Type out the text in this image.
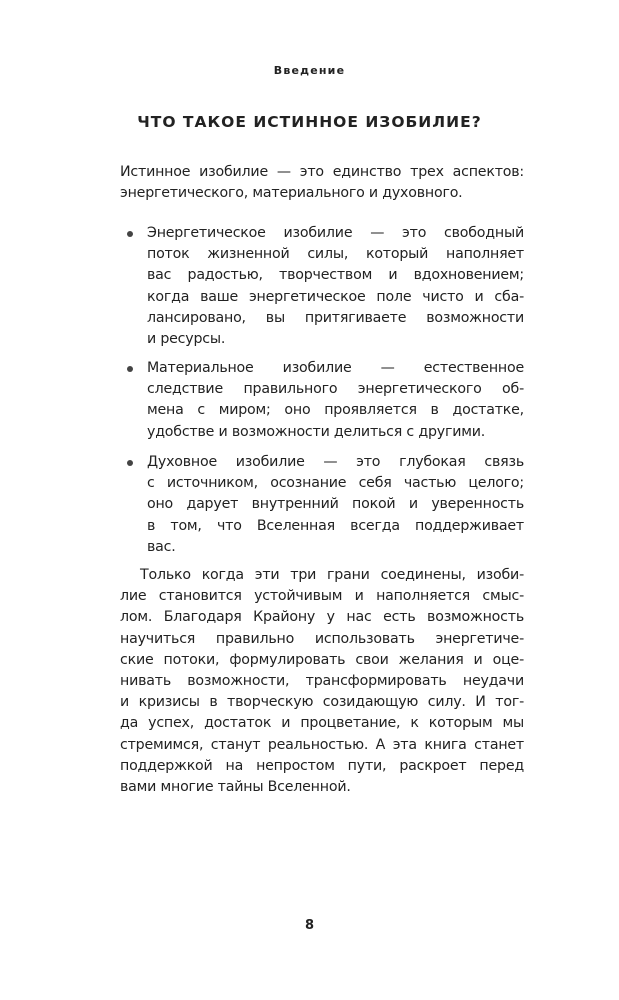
Введение
ЧТО ТАКОЕ ИСТИННОЕ ИЗОБИЛИЕ?
Истинное изобилие — это единство трех аспектов:
энергетического, материального и духовного.
Энергетическое изобилие — это свободный
поток жизненной силы, который наполняет
вас радостью, творчеством и вдохновением;
когда ваше энергетическое поле чисто и сба-
лансировано, вы притягиваете возможности
и ресурсы.
Материальное изобилие — естественное
следствие правильного энергетического об-
мена с миром; оно проявляется в достатке,
удобстве и возможности делиться с другими.
Духовное изобилие — это глубокая связь
с источником, осознание себя частью целого;
оно дарует внутренний покой и уверенность
в том, что Вселенная всегда поддерживает
вас.
Только когда эти три грани соединены, изоби-
лие становится устойчивым и наполняется смыс-
лом. Благодаря Крайону у нас есть возможность
научиться правильно использовать энергетиче-
ские потоки, формулировать свои желания и оце-
нивать возможности, трансформировать неудачи
и кризисы в творческую созидающую силу. И тог-
да успех, достаток и процветание, к которым мы
стремимся, станут реальностью. А эта книга станет
поддержкой на непростом пути, раскроет перед
вами многие тайны Вселенной.
8
